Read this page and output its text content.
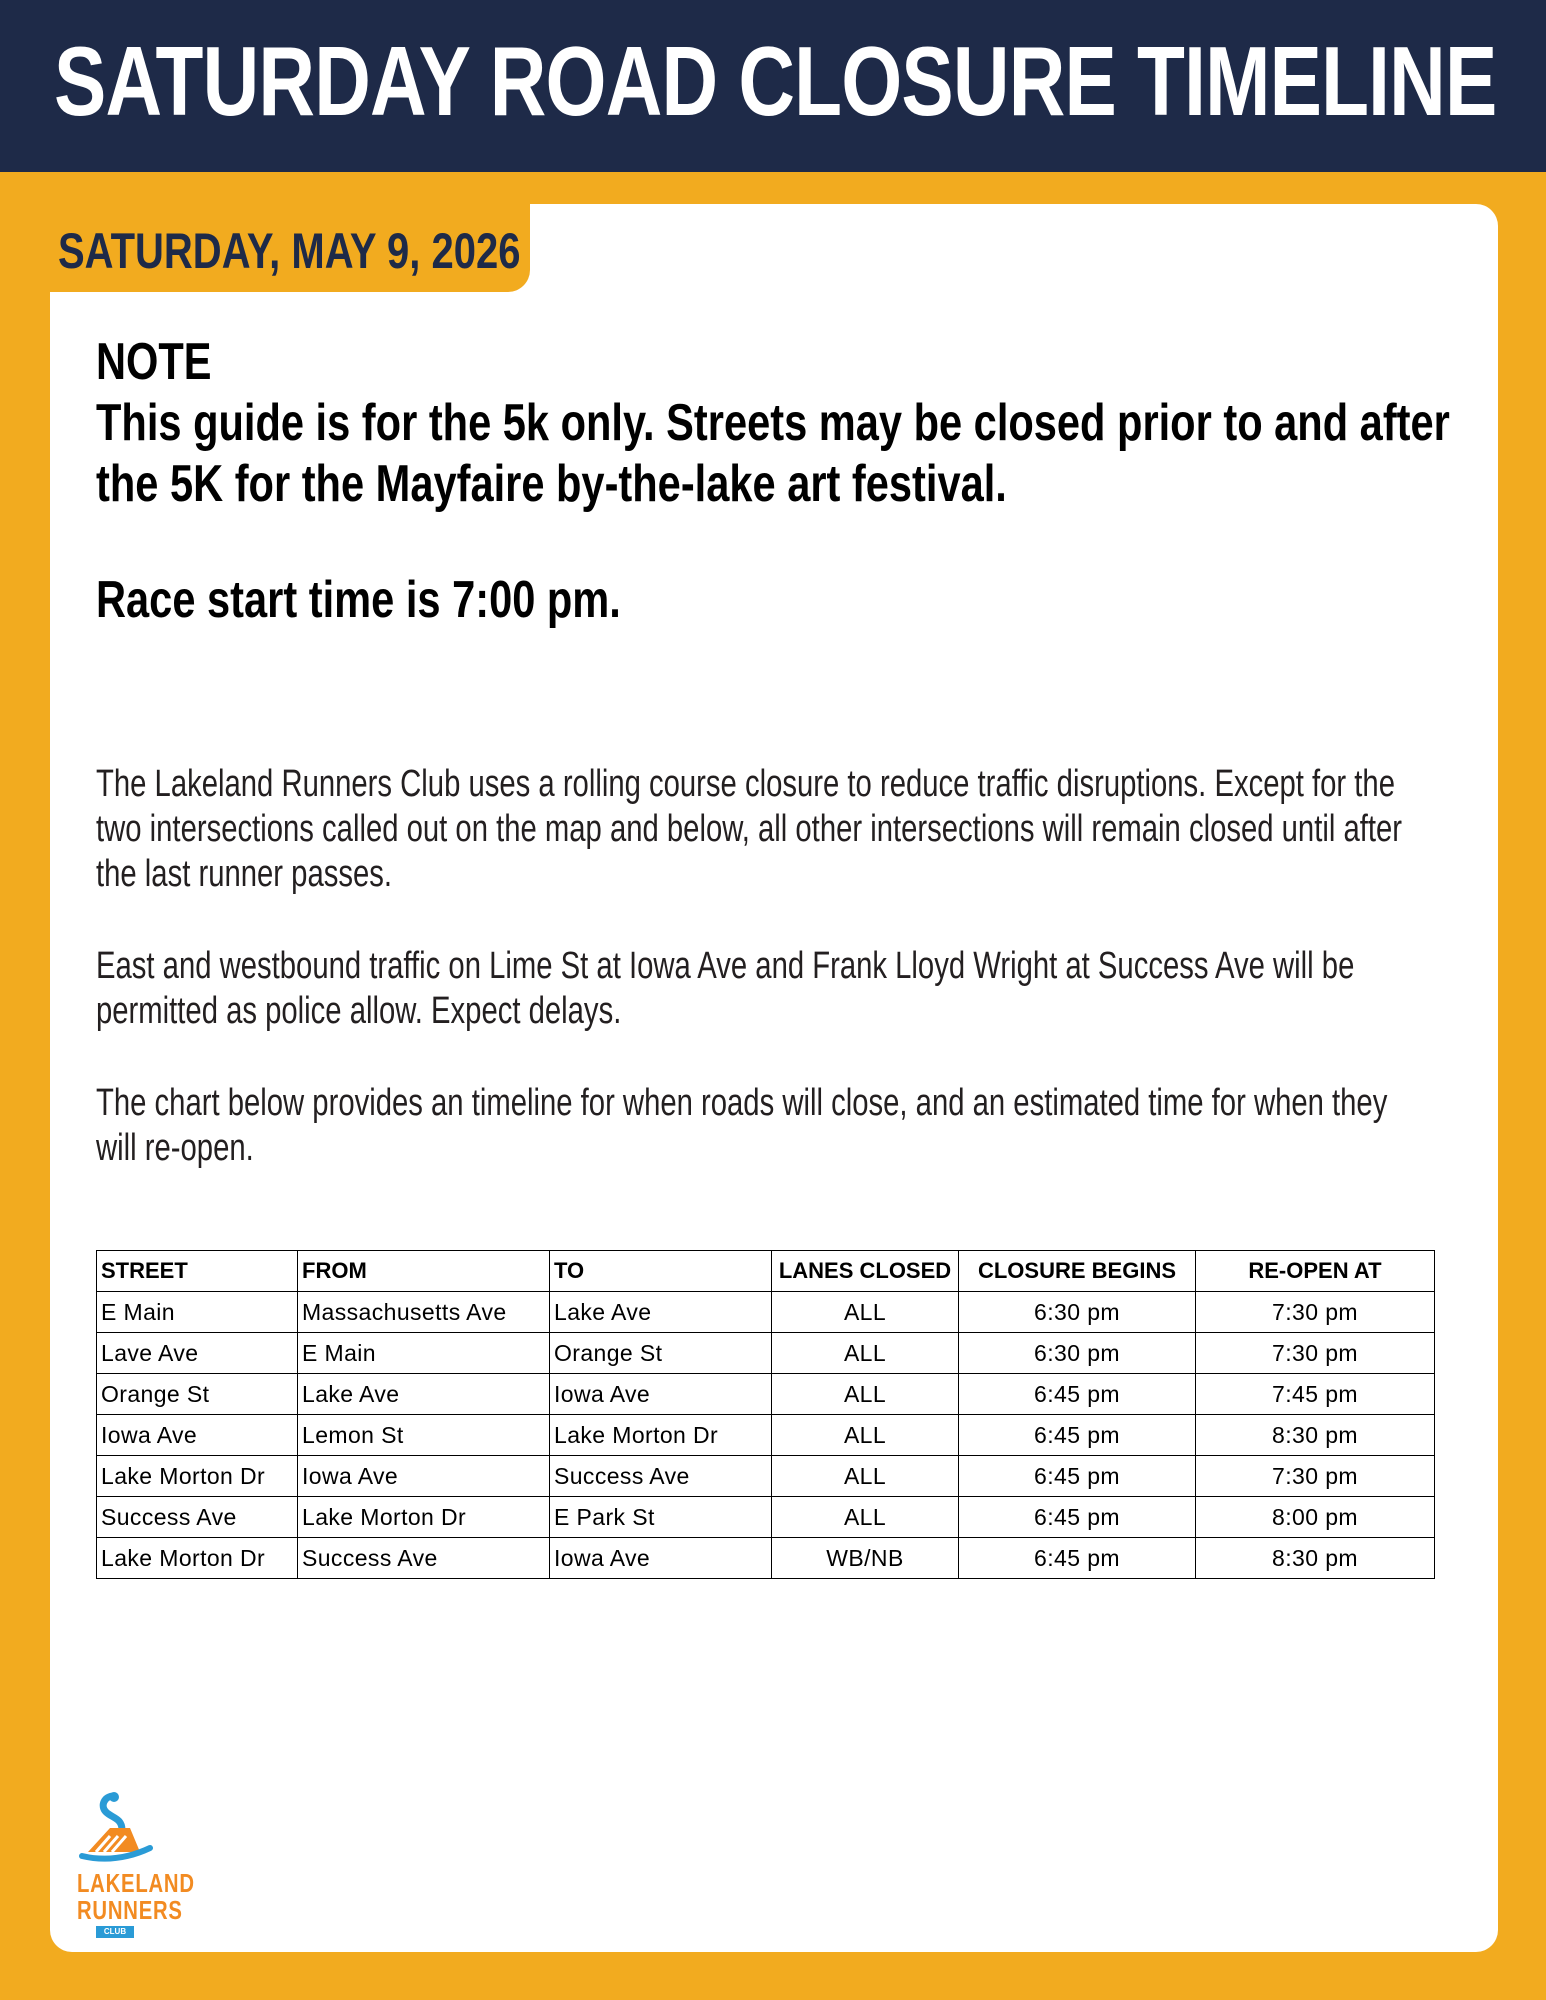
SATURDAY ROAD CLOSURE TIMELINE
SATURDAY, MAY 9, 2026
NOTE
This guide is for the 5k only. Streets may be closed prior to and after
the 5K for the Mayfaire by-the-lake art festival.
Race start time is 7:00 pm.

The Lakeland Runners Club uses a rolling course closure to reduce traffic disruptions. Except for the two intersections called out on the map and below, all other intersections will remain closed until after the last runner passes.

East and westbound traffic on Lime St at Iowa Ave and Frank Lloyd Wright at Success Ave will be permitted as police allow. Expect delays.

The chart below provides an timeline for when roads will close, and an estimated time for when they will re-open.

STREET	FROM	TO	LANES CLOSED	CLOSURE BEGINS	RE-OPEN AT
E Main	Massachusetts Ave	Lake Ave	ALL	6:30 pm	7:30 pm
Lave Ave	E Main	Orange St	ALL	6:30 pm	7:30 pm
Orange St	Lake Ave	Iowa Ave	ALL	6:45 pm	7:45 pm
Iowa Ave	Lemon St	Lake Morton Dr	ALL	6:45 pm	8:30 pm
Lake Morton Dr	Iowa Ave	Success Ave	ALL	6:45 pm	7:30 pm
Success Ave	Lake Morton Dr	E Park St	ALL	6:45 pm	8:00 pm
Lake Morton Dr	Success Ave	Iowa Ave	WB/NB	6:45 pm	8:30 pm
LAKELAND
RUNNERS
CLUB
